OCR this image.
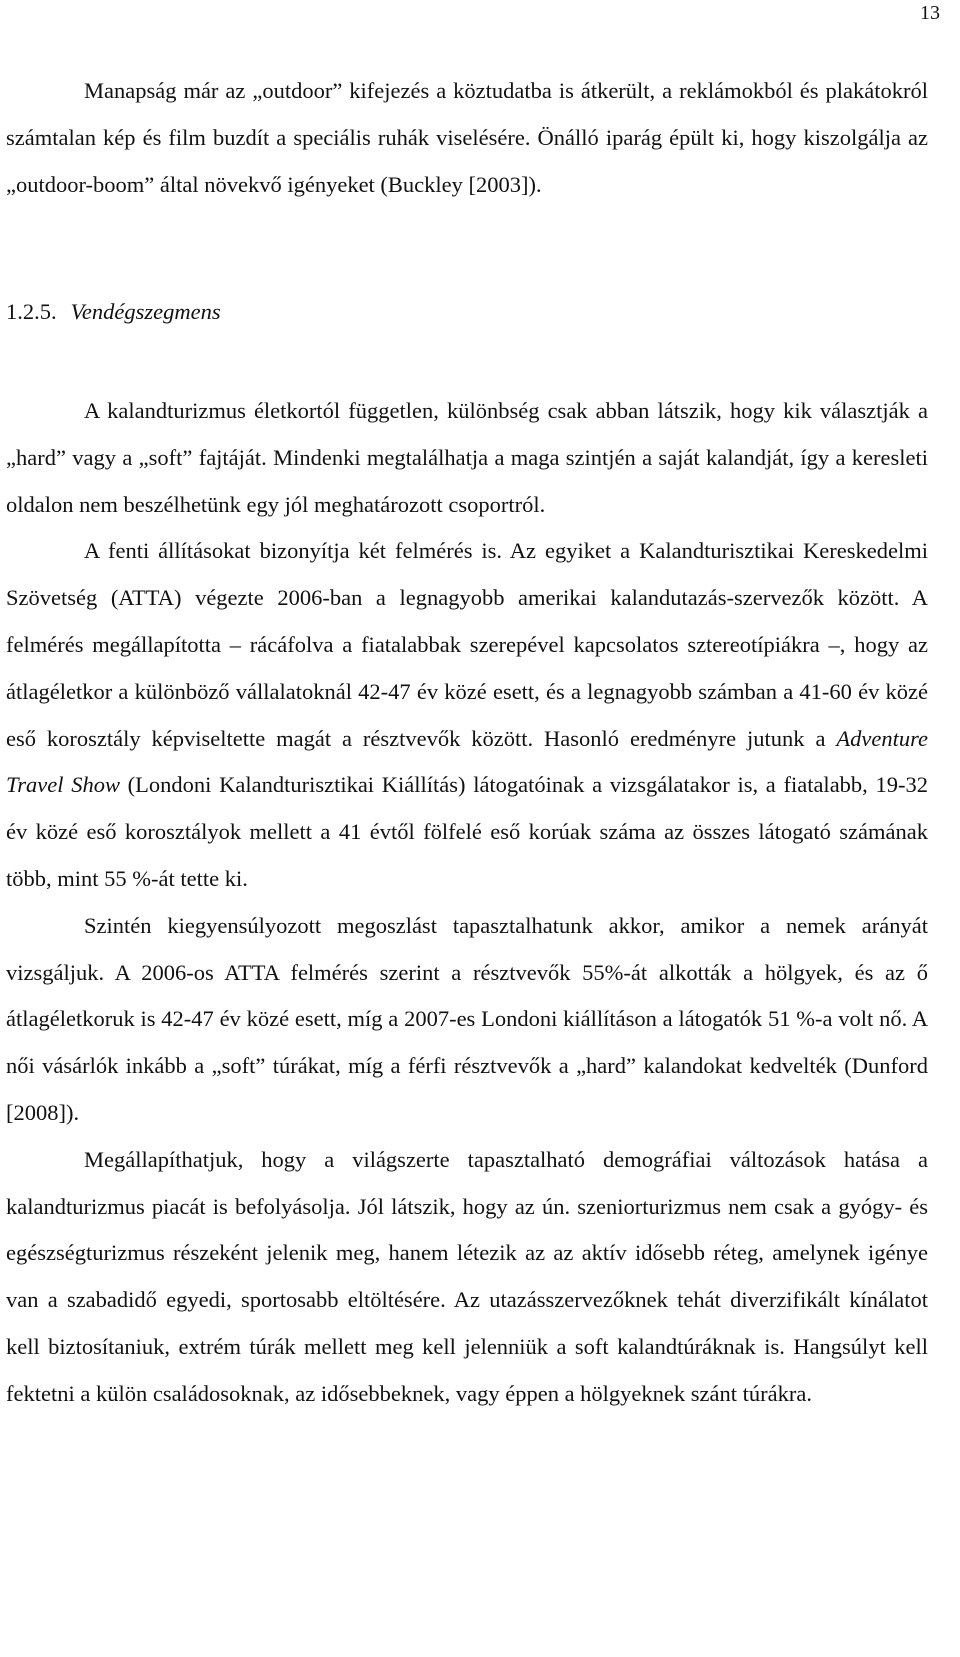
13

Manapság már az „outdoor” kifejezés a köztudatba is átkerült, a reklámokból és plakátokról számtalan kép és film buzdít a speciális ruhák viselésére. Önálló iparág épült ki, hogy kiszolgálja az „outdoor-boom” által növekvő igényeket (Buckley [2003]).

1.2.5. Vendégszegmens

A kalandturizmus életkortól független, különbség csak abban látszik, hogy kik választják a „hard” vagy a „soft” fajtáját. Mindenki megtalálhatja a maga szintjén a saját kalandját, így a keresleti oldalon nem beszélhetünk egy jól meghatározott csoportról.

A fenti állításokat bizonyítja két felmérés is. Az egyiket a Kalandturisztikai Kereskedelmi Szövetség (ATTA) végezte 2006-ban a legnagyobb amerikai kalandutazás-szervezők között. A felmérés megállapította – rácáfolva a fiatalabbak szerepével kapcsolatos sztereotípiákra –, hogy az átlagéletkor a különböző vállalatoknál 42-47 év közé esett, és a legnagyobb számban a 41-60 év közé eső korosztály képviseltette magát a résztvevők között. Hasonló eredményre jutunk a Adventure Travel Show (Londoni Kalandturisztikai Kiállítás) látogatóinak a vizsgálatakor is, a fiatalabb, 19-32 év közé eső korosztályok mellett a 41 évtől fölfelé eső korúak száma az összes látogató számának több, mint 55 %-át tette ki.

Szintén kiegyensúlyozott megoszlást tapasztalhatunk akkor, amikor a nemek arányát vizsgáljuk. A 2006-os ATTA felmérés szerint a résztvevők 55%-át alkották a hölgyek, és az ő átlagéletkoruk is 42-47 év közé esett, míg a 2007-es Londoni kiállításon a látogatók 51 %-a volt nő. A női vásárlók inkább a „soft” túrákat, míg a férfi résztvevők a „hard” kalandokat kedvelték (Dunford [2008]).

Megállapíthatjuk, hogy a világszerte tapasztalható demográfiai változások hatása a kalandturizmus piacát is befolyásolja. Jól látszik, hogy az ún. szeniorturizmus nem csak a gyógy- és egészségturizmus részeként jelenik meg, hanem létezik az az aktív idősebb réteg, amelynek igénye van a szabadidő egyedi, sportosabb eltöltésére. Az utazásszervezőknek tehát diverzifikált kínálatot kell biztosítaniuk, extrém túrák mellett meg kell jelenniük a soft kalandtúráknak is. Hangsúlyt kell fektetni a külön családosoknak, az idősebbeknek, vagy éppen a hölgyeknek szánt túrákra.
